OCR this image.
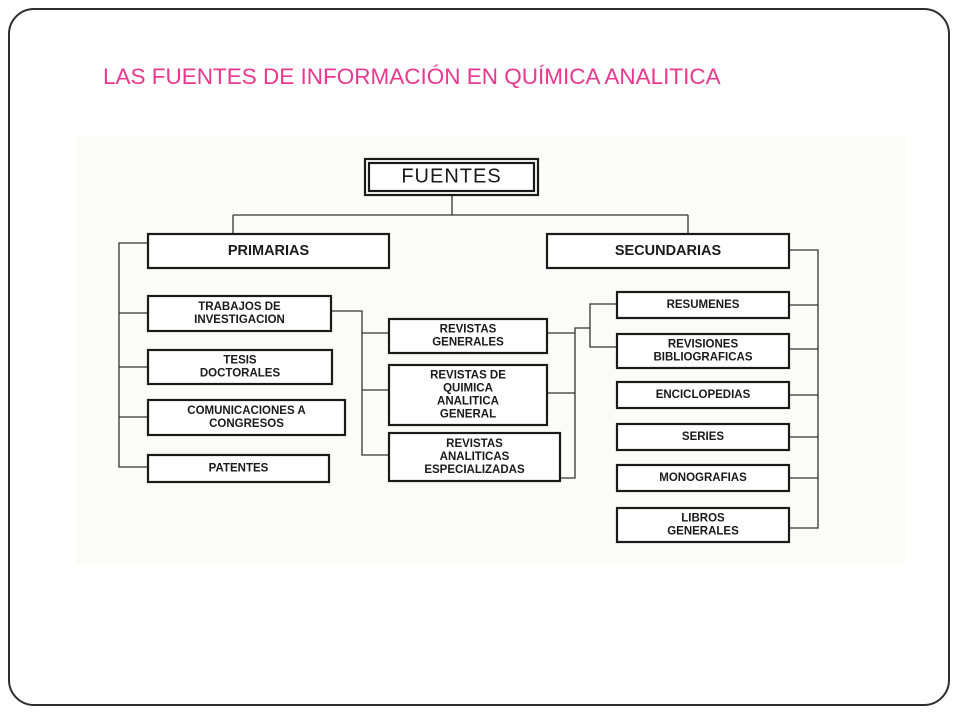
LAS FUENTES DE INFORMACIÓN EN QUÍMICA ANALITICA
FUENTES
PRIMARIAS	SECUNDARIAS
TRABAJOS DE
INVESTIGACION
TESIS
DOCTORALES
COMUNICACIONES A
CONGRESOS
PATENTES
REVISTAS
GENERALES
REVISTAS DE
QUIMICA
ANALITICA
GENERAL
REVISTAS
ANALITICAS
ESPECIALIZADAS
RESUMENES
REVISIONES
BIBLIOGRAFICAS
ENCICLOPEDIAS
SERIES
MONOGRAFIAS
LIBROS
GENERALES
